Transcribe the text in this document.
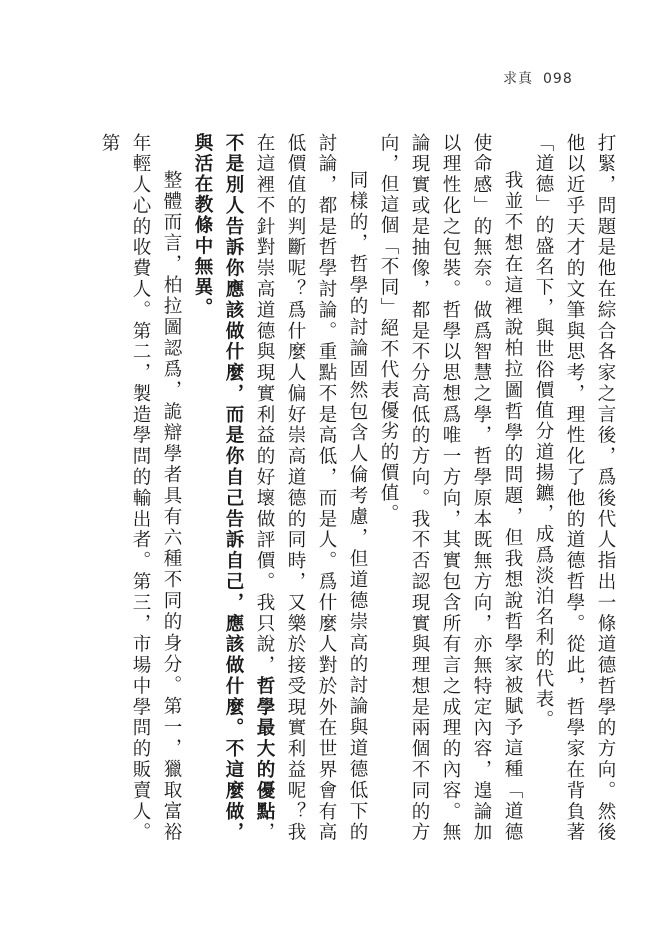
求真 098

打緊，問題是他在綜合各家之言後，爲後代人指出一條道德哲學的方向。然後他以近乎天才的文筆與思考，理性化了他的道德哲學。從此，哲學家在背負著「道德」的盛名下，與世俗價值分道揚鑣，成爲淡泊名利的代表。

我並不想在這裡說柏拉圖哲學的問題，但我想說哲學家被賦予這種「道德使命感」的無奈。做爲智慧之學，哲學原本既無方向，亦無特定內容，遑論加以理性化之包裝。哲學以思想爲唯一方向，其實包含所有言之成理的內容。無論現實或是抽像，都是不分高低的方向。我不否認現實與理想是兩個不同的方向，但這個「不同」絕不代表優劣的價值。

同樣的，哲學的討論固然包含人倫考慮，但道德崇高的討論與道德低下的討論，都是哲學討論。重點不是高低，而是人。爲什麼人對於外在世界會有高低價值的判斷呢？爲什麼人偏好崇高道德的同時，又樂於接受現實利益呢？我在這裡不針對崇高道德與現實利益的好壞做評價。我只說，哲學最大的優點，不是別人告訴你應該做什麼，而是你自己告訴自己，應該做什麼。不這麼做，與活在教條中無異。

整體而言，柏拉圖認爲，詭辯學者具有六種不同的身分。第一，獵取富裕年輕人心的收費人。第二，製造學問的輸出者。第三，市場中學問的販賣人。第
